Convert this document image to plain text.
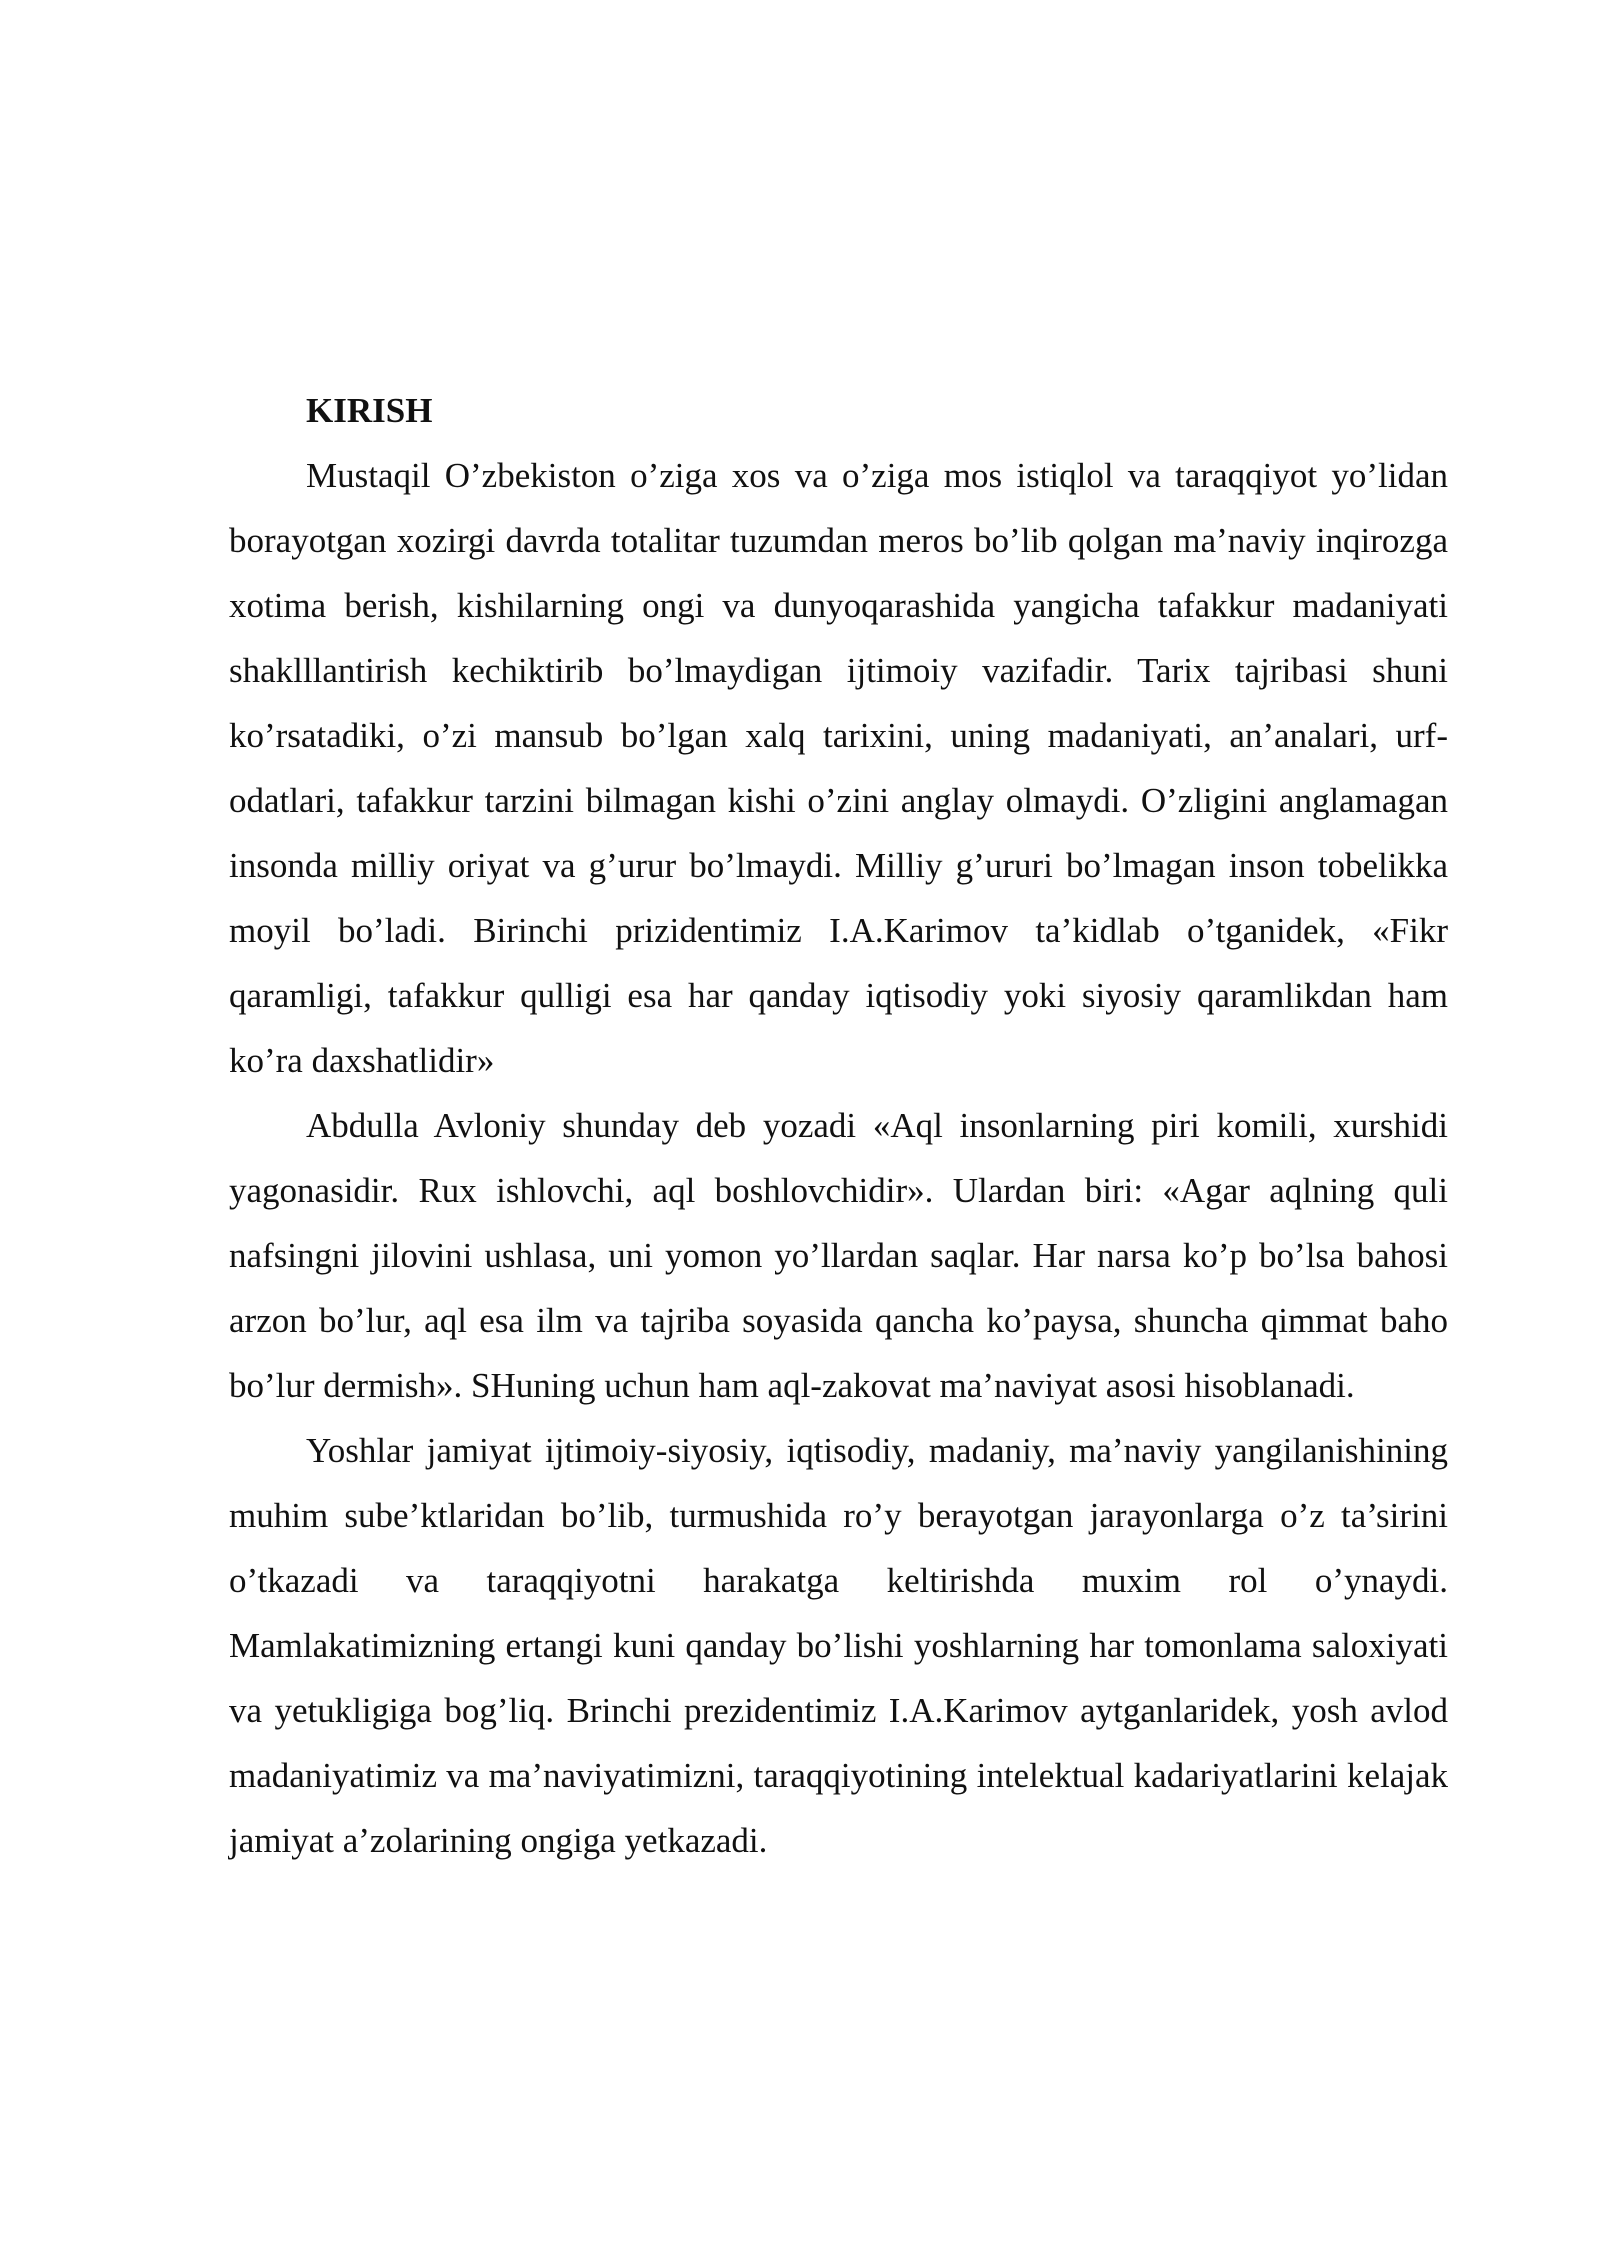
KIRISH

Mustaqil O’zbekiston o’ziga xos va o’ziga mos istiqlol va taraqqiyot yo’lidan borayotgan xozirgi davrda totalitar tuzumdan meros bo’lib qolgan ma’naviy inqirozga xotima berish, kishilarning ongi va dunyoqarashida yangicha tafakkur madaniyati shaklllantirish kechiktirib bo’lmaydigan ijtimoiy vazifadir. Tarix tajribasi shuni ko’rsatadiki, o’zi mansub bo’lgan xalq tarixini, uning madaniyati, an’analari, urf-odatlari, tafakkur tarzini bilmagan kishi o’zini anglay olmaydi. O’zligini anglamagan insonda milliy oriyat va g’urur bo’lmaydi. Milliy g’ururi bo’lmagan inson tobelikka moyil bo’ladi. Birinchi prizidentimiz I.A.Karimov ta’kidlab o’tganidek, «Fikr qaramligi, tafakkur qulligi esa har qanday iqtisodiy yoki siyosiy qaramlikdan ham ko’ra daxshatlidir»

Abdulla Avloniy shunday deb yozadi «Aql insonlarning piri komili, xurshidi yagonasidir. Rux ishlovchi, aql boshlovchidir». Ulardan biri: «Agar aqlning quli nafsingni jilovini ushlasa, uni yomon yo’llardan saqlar. Har narsa ko’p bo’lsa bahosi arzon bo’lur, aql esa ilm va tajriba soyasida qancha ko’paysa, shuncha qimmat baho bo’lur dermish». SHuning uchun ham aql-zakovat ma’naviyat asosi hisoblanadi.

Yoshlar jamiyat ijtimoiy-siyosiy, iqtisodiy, madaniy, ma’naviy yangilanishining muhim sube’ktlaridan bo’lib, turmushida ro’y berayotgan jarayonlarga o’z ta’sirini o’tkazadi va taraqqiyotni harakatga keltirishda muxim rol o’ynaydi. Mamlakatimizning ertangi kuni qanday bo’lishi yoshlarning har tomonlama saloxiyati va yetukligiga bog’liq. Brinchi prezidentimiz I.A.Karimov aytganlaridek, yosh avlod madaniyatimiz va ma’naviyatimizni, taraqqiyotining intelektual kadariyatlarini kelajak jamiyat a’zolarining ongiga yetkazadi.
